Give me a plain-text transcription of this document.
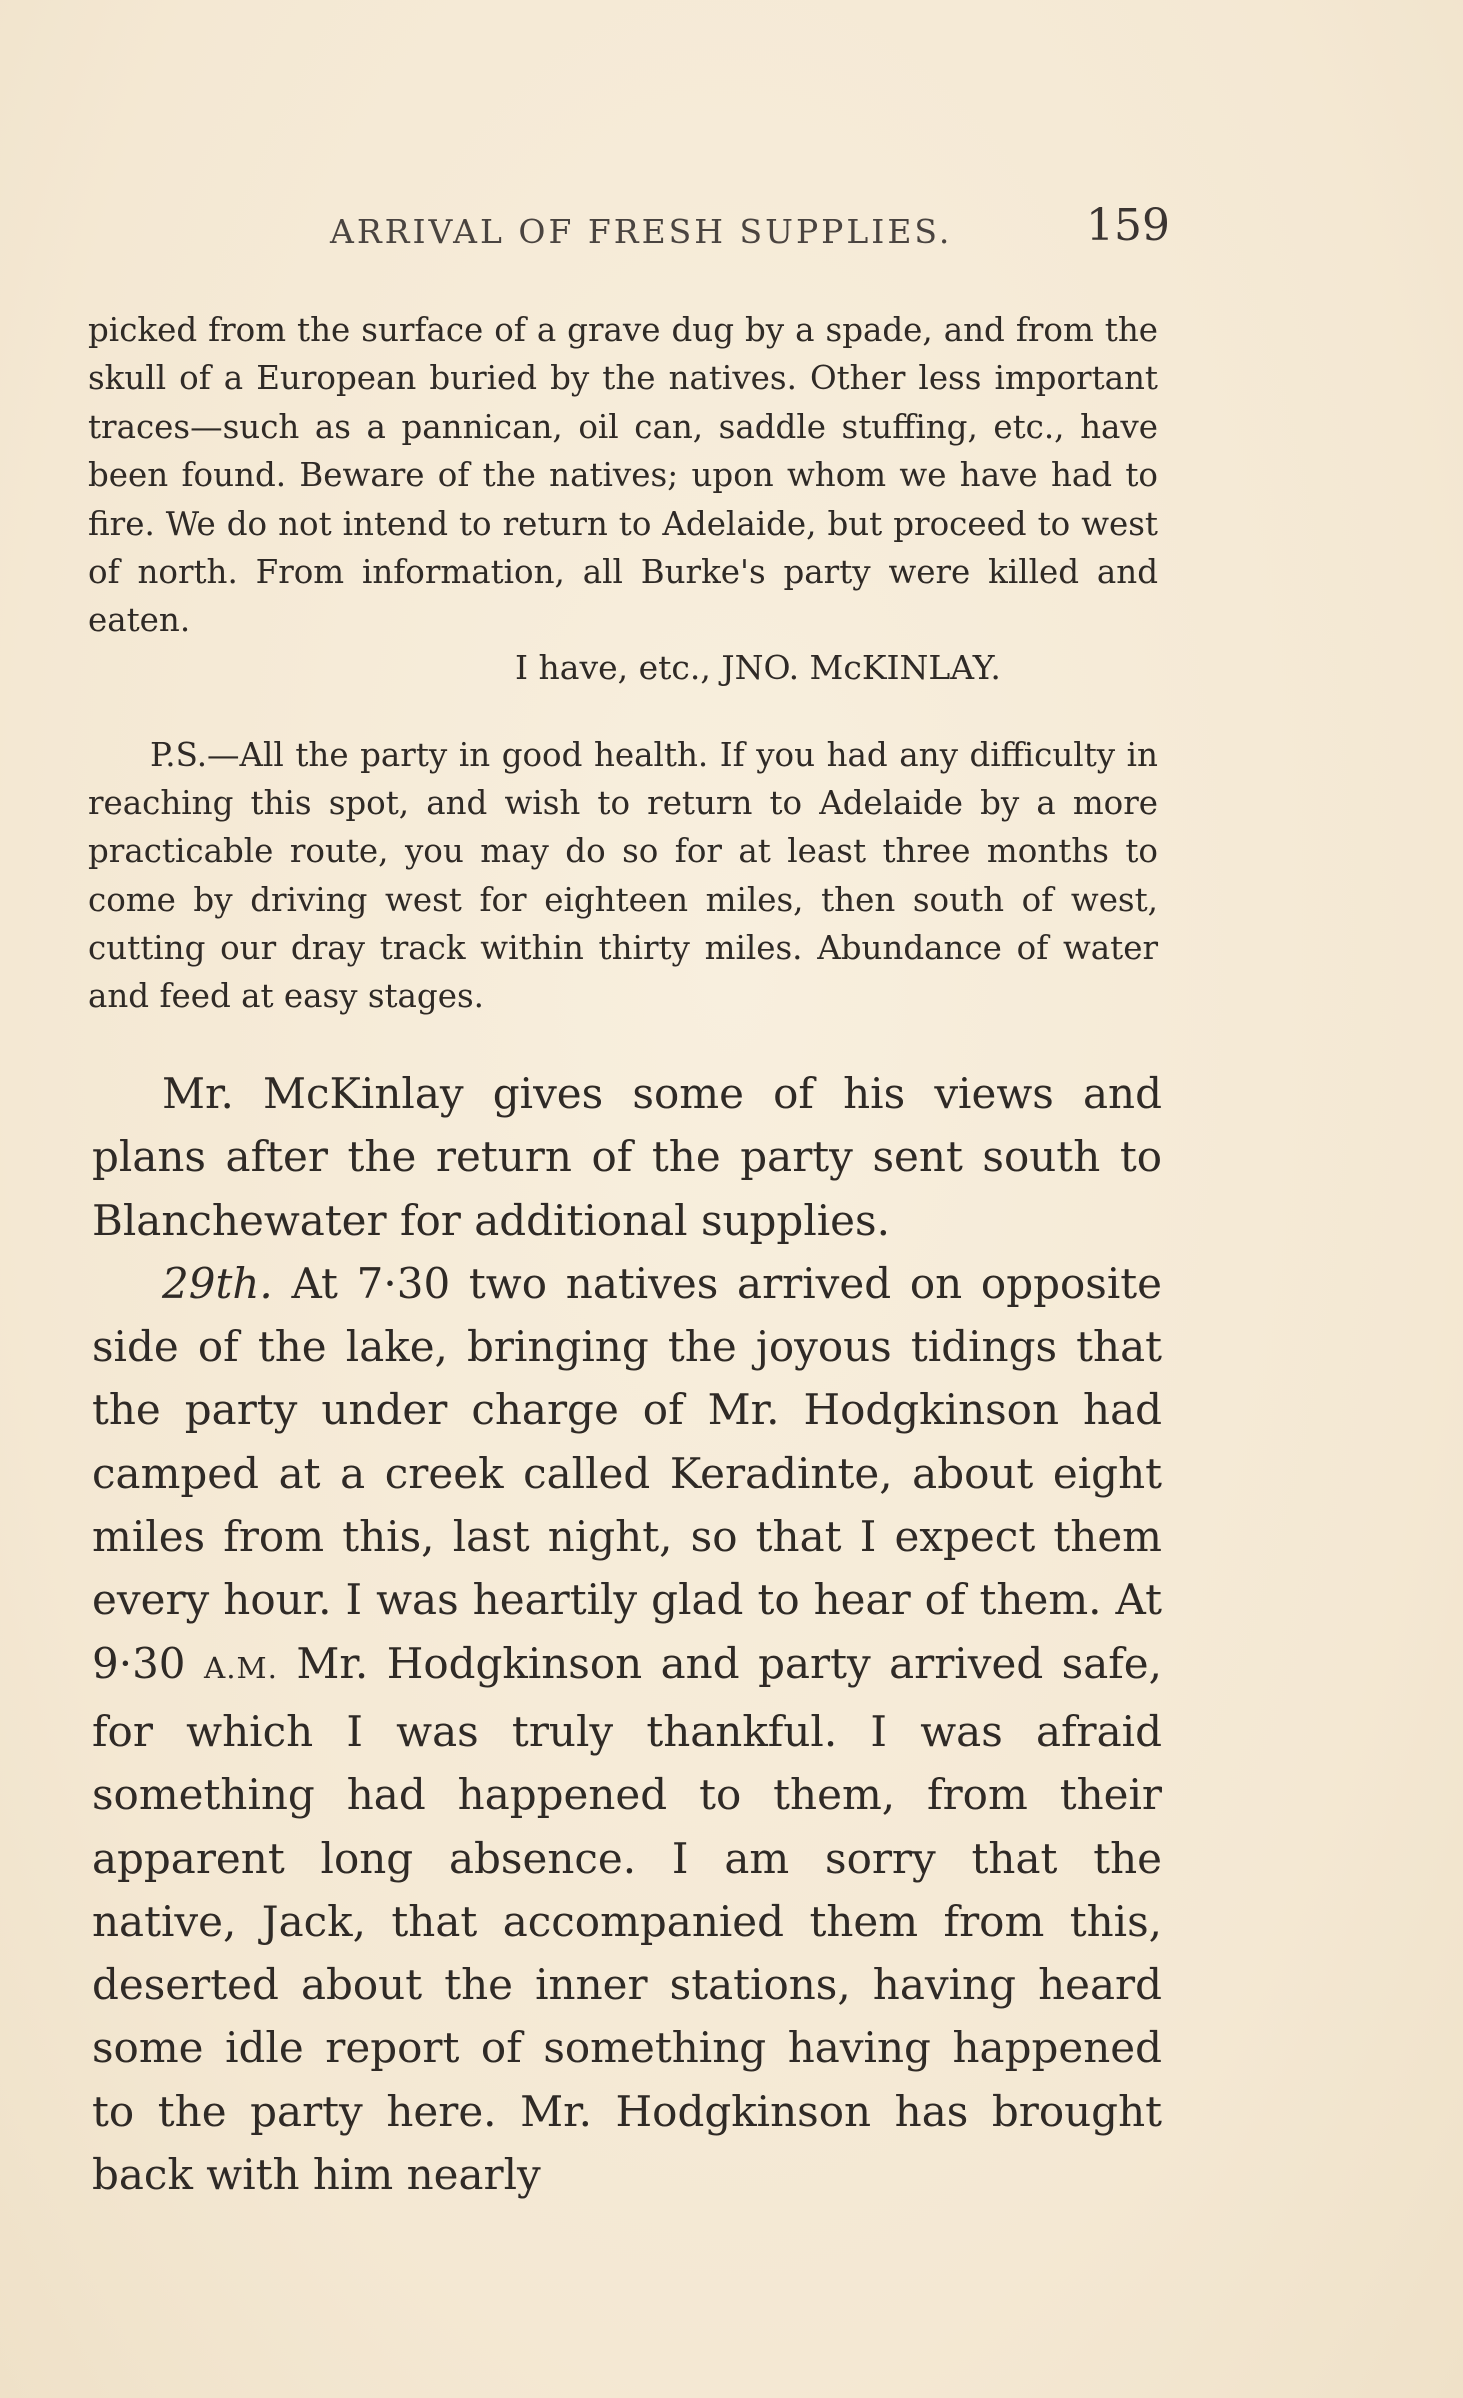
ARRIVAL OF FRESH SUPPLIES.	159

picked from the surface of a grave dug by a spade, and from the skull of a European buried by the natives. Other less important traces—such as a pannican, oil can, saddle stuffing, etc., have been found. Beware of the natives; upon whom we have had to fire. We do not intend to return to Adelaide, but proceed to west of north. From information, all Burke's party were killed and eaten.

I have, etc., JNO. McKINLAY.

P.S.—All the party in good health. If you had any difficulty in reaching this spot, and wish to return to Adelaide by a more practicable route, you may do so for at least three months to come by driving west for eighteen miles, then south of west, cutting our dray track within thirty miles. Abundance of water and feed at easy stages.

Mr. McKinlay gives some of his views and plans after the return of the party sent south to Blanchewater for additional supplies.

29th. At 7·30 two natives arrived on opposite side of the lake, bringing the joyous tidings that the party under charge of Mr. Hodgkinson had camped at a creek called Keradinte, about eight miles from this, last night, so that I expect them every hour. I was heartily glad to hear of them. At 9·30 A.M. Mr. Hodgkinson and party arrived safe, for which I was truly thankful. I was afraid something had happened to them, from their apparent long absence. I am sorry that the native, Jack, that accompanied them from this, deserted about the inner stations, having heard some idle report of something having happened to the party here. Mr. Hodgkinson has brought back with him nearly
